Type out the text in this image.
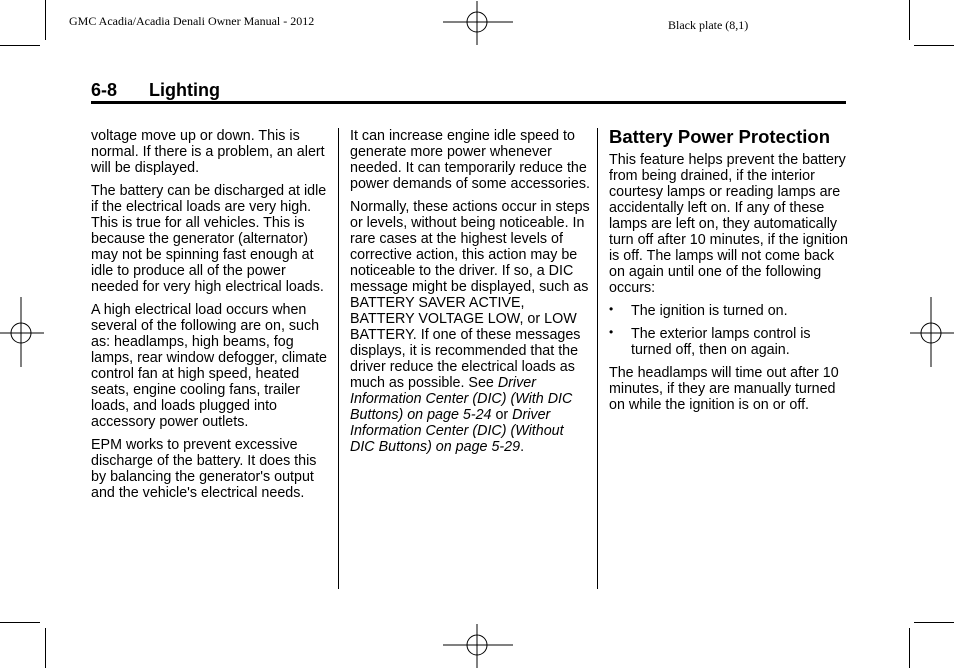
GMC Acadia/Acadia Denali Owner Manual - 2012	Black plate (8,1)
6-8 Lighting

voltage move up or down. This is normal. If there is a problem, an alert will be displayed.

The battery can be discharged at idle if the electrical loads are very high. This is true for all vehicles. This is because the generator (alternator) may not be spinning fast enough at idle to produce all of the power needed for very high electrical loads.

A high electrical load occurs when several of the following are on, such as: headlamps, high beams, fog lamps, rear window defogger, climate control fan at high speed, heated seats, engine cooling fans, trailer loads, and loads plugged into accessory power outlets.

EPM works to prevent excessive discharge of the battery. It does this by balancing the generator's output and the vehicle's electrical needs.

It can increase engine idle speed to generate more power whenever needed. It can temporarily reduce the power demands of some accessories.

Normally, these actions occur in steps or levels, without being noticeable. In rare cases at the highest levels of corrective action, this action may be noticeable to the driver. If so, a DIC message might be displayed, such as BATTERY SAVER ACTIVE, BATTERY VOLTAGE LOW, or LOW BATTERY. If one of these messages displays, it is recommended that the driver reduce the electrical loads as much as possible. See Driver Information Center (DIC) (With DIC Buttons) on page 5-24 or Driver Information Center (DIC) (Without DIC Buttons) on page 5-29.

Battery Power Protection

This feature helps prevent the battery from being drained, if the interior courtesy lamps or reading lamps are accidentally left on. If any of these lamps are left on, they automatically turn off after 10 minutes, if the ignition is off. The lamps will not come back on again until one of the following occurs:

• The ignition is turned on.
• The exterior lamps control is turned off, then on again.

The headlamps will time out after 10 minutes, if they are manually turned on while the ignition is on or off.
